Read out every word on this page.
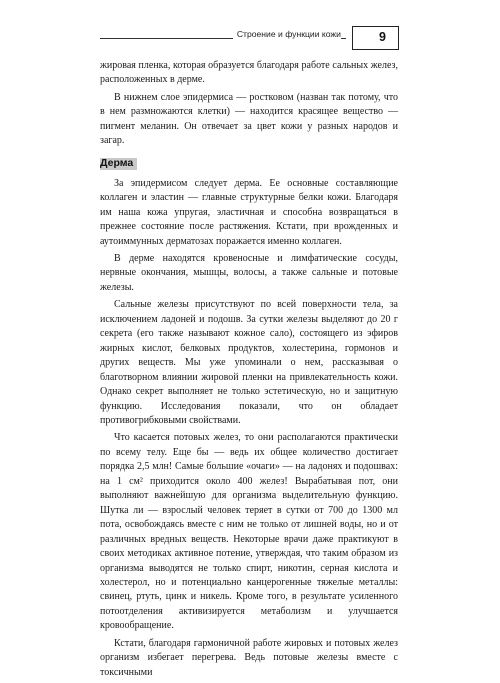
Строение и функции кожи	9

жировая пленка, которая образуется благодаря работе сальных желез, расположенных в дерме.

В нижнем слое эпидермиса — ростковом (назван так потому, что в нем размножаются клетки) — находится красящее вещество — пигмент меланин. Он отвечает за цвет кожи у разных народов и загар.

Дерма

За эпидермисом следует дерма. Ее основные составляющие коллаген и эластин — главные структурные белки кожи. Благодаря им наша кожа упругая, эластичная и способна возвращаться в прежнее состояние после растяжения. Кстати, при врожденных и аутоиммунных дерматозах поражается именно коллаген.

В дерме находятся кровеносные и лимфатические сосуды, нервные окончания, мышцы, волосы, а также сальные и потовые железы.

Сальные железы присутствуют по всей поверхности тела, за исключением ладоней и подошв. За сутки железы выделяют до 20 г секрета (его также называют кожное сало), состоящего из эфиров жирных кислот, белковых продуктов, холестерина, гормонов и других веществ. Мы уже упоминали о нем, рассказывая о благотворном влиянии жировой пленки на привлекательность кожи. Однако секрет выполняет не только эстетическую, но и защитную функцию. Исследования показали, что он обладает противогрибковыми свойствами.

Что касается потовых желез, то они располагаются практически по всему телу. Еще бы — ведь их общее количество достигает порядка 2,5 млн! Самые большие «очаги» — на ладонях и подошвах: на 1 см² приходится около 400 желез! Вырабатывая пот, они выполняют важнейшую для организма выделительную функцию. Шутка ли — взрослый человек теряет в сутки от 700 до 1300 мл пота, освобождаясь вместе с ним не только от лишней воды, но и от различных вредных веществ. Некоторые врачи даже практикуют в своих методиках активное потение, утверждая, что таким образом из организма выводятся не только спирт, никотин, серная кислота и холестерол, но и потенциально канцерогенные тяжелые металлы: свинец, ртуть, цинк и никель. Кроме того, в результате усиленного потоотделения активизируется метаболизм и улучшается кровообращение.

Кстати, благодаря гармоничной работе жировых и потовых желез организм избегает перегрева. Ведь потовые железы вместе с токсичными
